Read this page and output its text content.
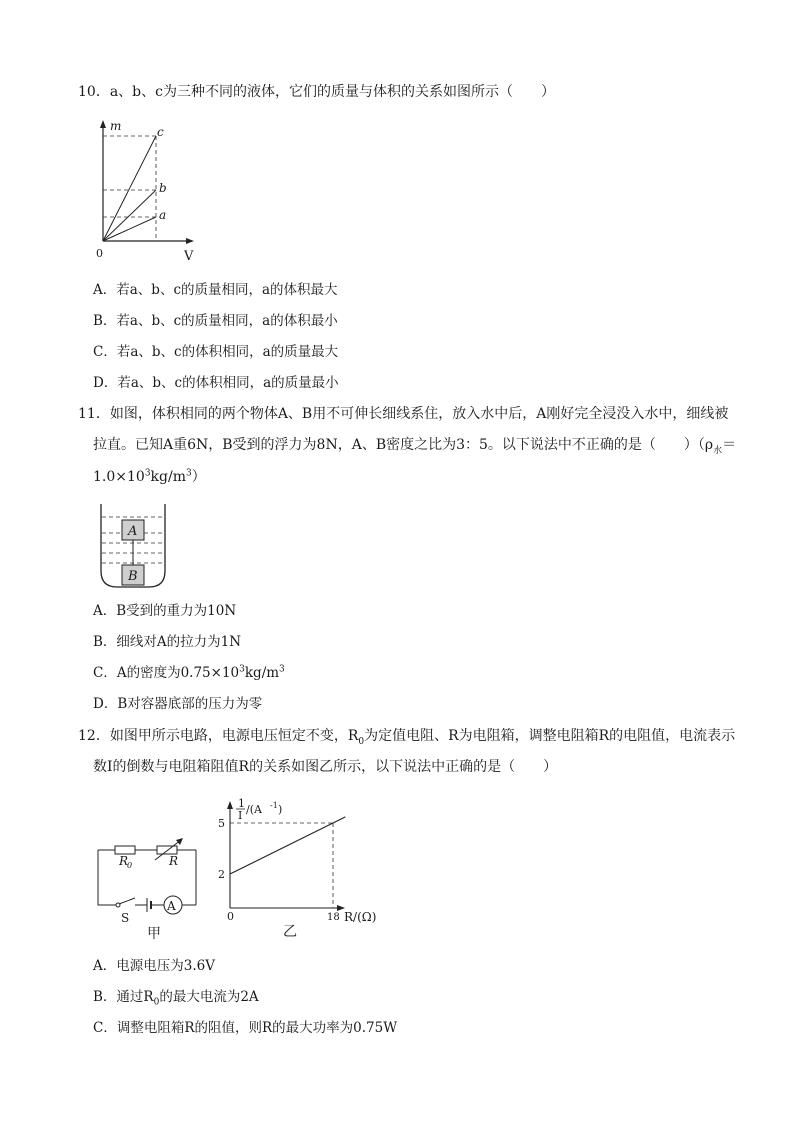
10．a、b、c为三种不同的液体，它们的质量与体积的关系如图所示（　　）
m
V
0
c
b
a
A．若a、b、c的质量相同，a的体积最大
B．若a、b、c的质量相同，a的体积最小
C．若a、b、c的体积相同，a的质量最大
D．若a、b、c的体积相同，a的质量最小
11．如图，体积相同的两个物体A、B用不可伸长细线系住，放入水中后，A刚好完全浸没入水中，细线被
拉直。已知A重6N，B受到的浮力为8N，A、B密度之比为3：5。以下说法中不正确的是（　　）（$\rho_水=$
$1.0\times 10^3kg/m^3$）
A
B
A．B受到的重力为10N
B．细线对A的拉力为1N
C．A的密度为$0.75\times 10^3kg/m^3$
D．B对容器底部的压力为零
12．如图甲所示电路，电源电压恒定不变，$R_0$为定值电阻、R为电阻箱，调整电阻箱R的电阻值，电流表示
数I的倒数与电阻箱阻值R的关系如图乙所示，以下说法中正确的是（　　）
A
R
0	R
S
甲
1
I /(A -1 )
5
2
0	18 R/(Ω)
乙
A．电源电压为3.6V
B．通过$R_0$的最大电流为2A
C．调整电阻箱R的阻值，则R的最大功率为0.75W
